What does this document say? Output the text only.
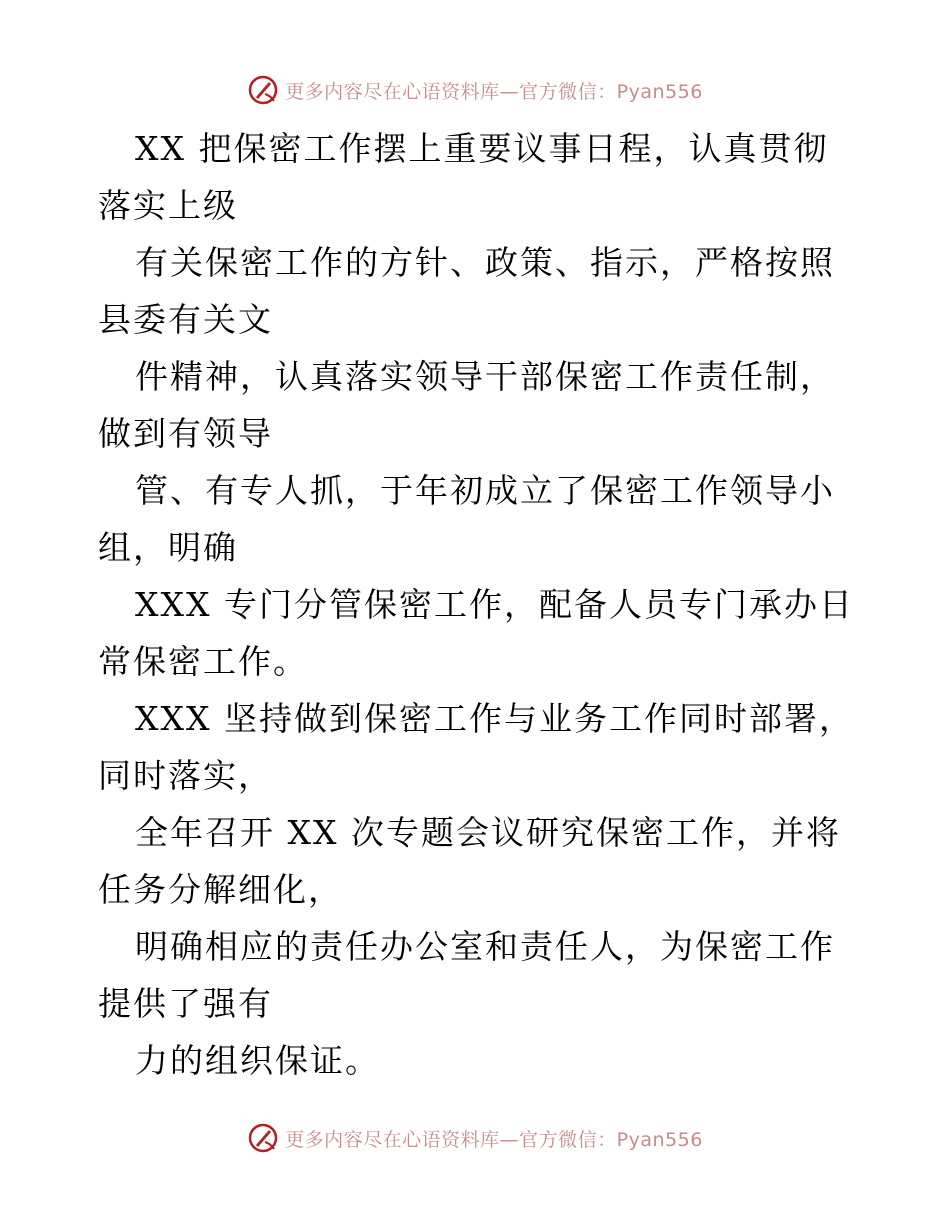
更多内容尽在心语资料库—官方微信：Pyan556

XX 把保密工作摆上重要议事日程，认真贯彻落实上级

有关保密工作的方针、政策、指示，严格按照县委有关文

件精神，认真落实领导干部保密工作责任制，做到有领导

管、有专人抓，于年初成立了保密工作领导小组，明确

XXX 专门分管保密工作，配备人员专门承办日常保密工作。

XXX 坚持做到保密工作与业务工作同时部署，同时落实，

全年召开 XX 次专题会议研究保密工作，并将任务分解细化，

明确相应的责任办公室和责任人，为保密工作提供了强有

力的组织保证。

更多内容尽在心语资料库—官方微信：Pyan556
